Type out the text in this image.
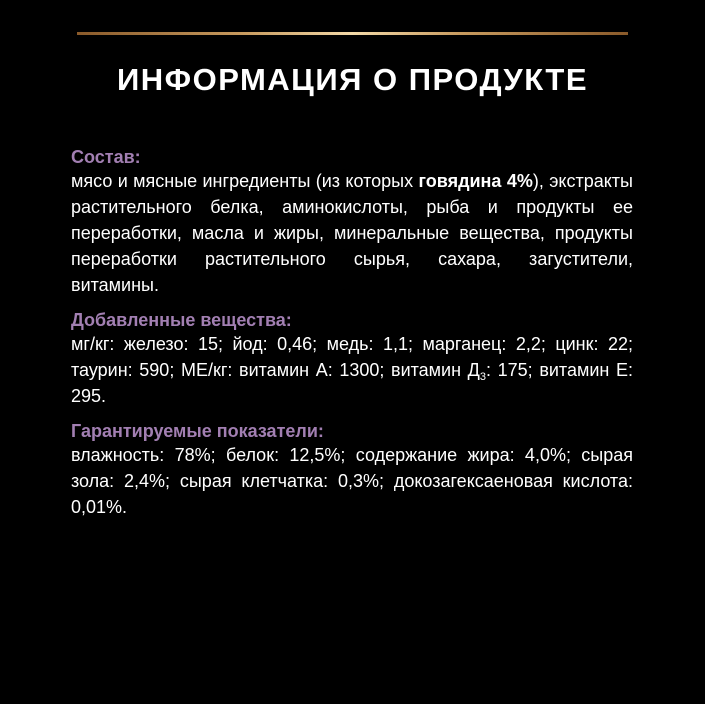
ИНФОРМАЦИЯ О ПРОДУКТЕ
Состав:
мясо и мясные ингредиенты (из которых говядина 4%), экстракты растительного белка, аминокислоты, рыба и продукты ее переработки, масла и жиры, минеральные вещества, продукты переработки растительного сырья, сахара, загустители, витамины.
Добавленные вещества:
мг/кг: железо: 15; йод: 0,46; медь: 1,1; марганец: 2,2; цинк: 22; таурин: 590; МЕ/кг: витамин А: 1300; витамин $Д_3$: 175; витамин Е: 295.
Гарантируемые показатели:
влажность: 78%; белок: 12,5%; содержание жира: 4,0%; сырая зола: 2,4%; сырая клетчатка: 0,3%; докозагексаеновая кислота: 0,01%.
